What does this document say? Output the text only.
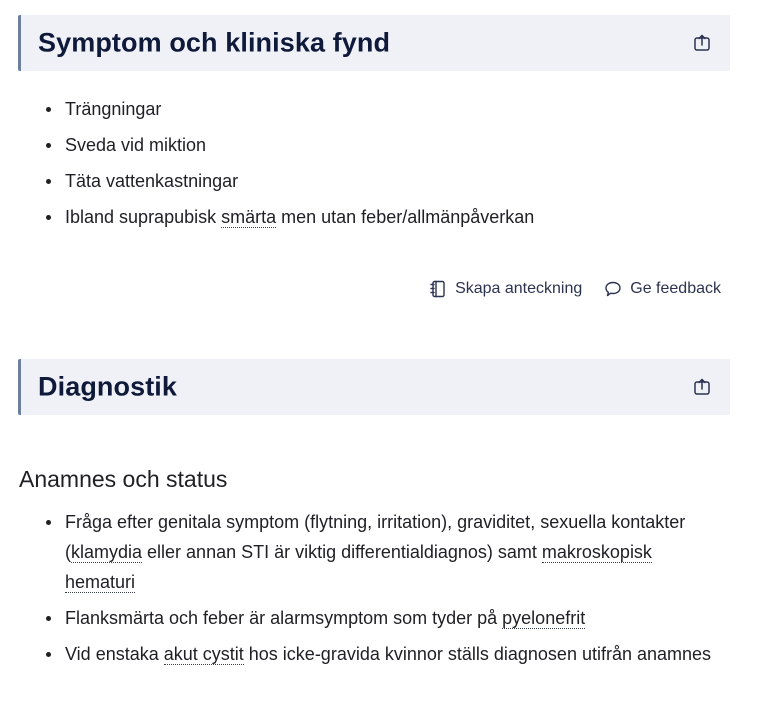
Symptom och kliniska fynd
Trängningar
Sveda vid miktion
Täta vattenkastningar
Ibland suprapubisk smärta men utan feber/allmänpåverkan
Skapa anteckning	Ge feedback
Diagnostik
Anamnes och status
Fråga efter genitala symptom (flytning, irritation), graviditet, sexuella kontakter (klamydia eller annan STI är viktig differentialdiagnos) samt makroskopisk hematuri
Flanksmärta och feber är alarmsymptom som tyder på pyelonefrit
Vid enstaka akut cystit hos icke-gravida kvinnor ställs diagnosen utifrån anamnes
